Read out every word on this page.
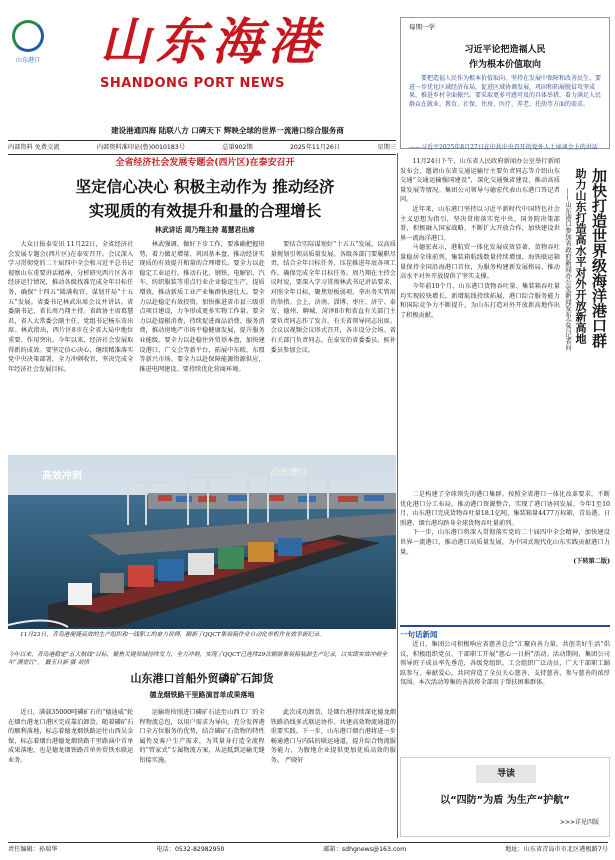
山东港口 山东海港
SHANDONG PORT NEWS
建设港通四海 陆联八方 口碑天下 辉映全球的世界一流港口综合服务商
内部资料 免费交流	内部资料准印证(鲁)0010183号	总第902期	2025年11月26日	星期三
每期一学
习近平论把造福人民
作为根本价值取向
要把造福人民作为根本价值取向，坚持在发展中保障和改善民生。要进一步优化区域经济布局，促进区域协调发展，巩固和拓展脱贫攻坚成果，推进乡村全面振兴。要采取更多可感可及的具体举措，着力满足人民群众在就业、教育、社保、住房、医疗、养老、托幼等方面的需求。
——习近平2025年8月27日在中共中央召开的党外人士座谈会上的讲话
全省经济社会发展专题会(西片区)在泰安召开
坚定信心决心 积极主动作为 推动经济
实现质的有效提升和量的合理增长
林武讲话 周乃翔主持 葛慧君出席
大众日报泰安讯 11月22日，全省经济社会发展专题会(西片区)在泰安召开。会议深入学习贯彻党的二十届四中全会和习近平总书记视察山东重要讲话精神，分析研究西片区各市经济运行情况，推动各级找准完成全年目标任务，确保“十四五”圆满收官，谋划开局“十五五”发展。省委书记林武出席会议并讲话。省委副书记、省长周乃翔主持。省政协主席葛慧君，省人大常委会副主任、党组书记杨东奇出席。林武指出，西片区8市在全省大局中地位重要、作用突出。今年以来，经济社会发展取得新的成效。要坚定信心决心，继续精准落实党中央决策部署，全力冲刺收官，坚决完成全年经济社会发展目标。
林武强调，做好下步工作，要准确把握形势，着力做足增量、巩固基本盘，推动经济实现质的有效提升和量的合理增长。要全力以赴稳定工业运行，推动石化、钢铁、电解铝、汽车、纺织服装等重点行业企业稳定生产，提质增效，推动新质工业产业集群快速壮大。要全力以赴稳定有效投资，加快推进省市县三级重点项目建设，力争形成更多实物工作量。要全力以赴提振消费，持续促进商品消费、服务消费，推动房地产市场平稳健康发展，提升服务业能级。要全力以赴稳住外贸基本盘，加快建设港口、广交会等新平台，拓展中东欧、东盟等新兴市场。要全力以赴保障能源资源供应，推进电网建设。要持续优化营商环境。
要结合实际谋划好“十五五”发展，以高质量规划引领高质量发展。各级各部门要履职尽责，结合全年目标任务，压茬推进年底各项工作，确保完成全年目标任务。周乃翔在主持会议时说，要深入学习贯彻林武书记讲话要求，对照全年目标，聚焦短板弱项，拿出务实管用的举措。会上，济南、淄博、枣庄、济宁、泰安、德州、聊城、菏泽8市和省直有关部门主要负责同志作了发言。有关省领导同志出席。会议以视频会议形式召开，各市设分会场。省有关部门负责同志，在泰安的省委委员、候补委员参加会议。
高效冲刺	山东港口
11月23日，青岛港便捷高效的生产组织和一线职工的奋力拼搏，刷新了QQCT集装箱作业自动化单机作业效率新纪录。
今年以来，青岛港稳定“五大航线”目标，聚焦关键领域持续发力，全力冲刺，实现了QQCT已连续29次刷新集装箱装卸生产纪录，以实绩实效冲刺全年“满堂红”。 戴玉日新 摄 刘悟
山东港口首船外贸磷矿石卸货
德龙烟铁路干里路演首单成果落地
近日，满载35000吨磷矿石的“德迪威”轮在烟台港龙口港区完成靠泊卸货。随着磷矿石的顺利落地，标志着德龙烟铁路运往山西吴金保，标志着烟台港德龙烟铁路干里路演中首单成果落地，也是德龙烟铁路首单外贸铁水联运业务。
运输将按照进口磷矿石运至山西工厂的全程物流总包，以用户需求为导向，充分发挥港口全方位服务的优势，结合磷矿石货物的特性属性及客户生产需求，为其量身打造全流程的“管家式”专属物流方案，从运抵到运输无缝衔接实施。
此次成功卸货，是烟台港持续深化德龙烟铁路沿线多式联运协作、共建高效物流通道的重要实践。下一步，山东港口烟台港将进一步畅通港口与内陆的联运通道，提升综合物流服务能力，为腹地企业提供更加优质高效的服务。 严晓轩

11月24日下午，山东省人民政府新闻办公室举行新闻发布会，邀请山东省交通运输厅主要负责同志等介绍山东交通“交通运输强国建设”，深化交通强省建设，推动高质量发展等情况。集团公司领导与德宏代表山东港口答记者问。

近年来，山东港口坚持以习近平新时代中国特色社会主义思想为指引，坚决贯彻落实党中央、国务院决策部署，积极融入国家战略，不断扩大开放合作，加快建设世界一流海洋港口。

马德宏表示，港航贸一体化发展成效显著，货物吞吐量稳居全球前列，集装箱航线数量持续增加，海铁联运箱量保持全国沿海港口首位，为服务构建新发展格局、推动高水平对外开放提供了坚实支撑。

今年前10个月，山东港口货物吞吐量、集装箱吞吐量均实现较快增长，新增航线持续拓展，港口综合服务能力和国际竞争力不断提升，为山东打造对外开放新高地作出了积极贡献。	加快打造世界级海洋港口群
助力山东打造高水平对外开放新高地
——山东港口参加省政府新闻办公室新闻发布会答记者问

二是构建了全球领先的港口集群。按照全省港口一体化改革要求，不断优化港口分工布局，推动港口资源整合，实现了港口协同发展。今年1至10月，山东港口完成货物吞吐量18.1亿吨，集装箱量4477万标箱，青岛港、日照港、烟台港均跻身全球货物吞吐量前列。

下一步，山东港口将深入贯彻落实党的二十届四中全会精神，加快建设世界一流港口，推动港口高质量发展，为中国式现代化山东实践贡献港口力量。

(下转第二版)
一句话新闻
近日，集团公司积极响应省慈善总会“汇聚向善力量，共创美好生活”倡议，积极组织党员、干部职工开展“慈心一日捐”活动。活动期间，集团公司领导班子成员率先垂范，各级党组织、工会组织广泛动员，广大干部职工踊跃参与，奉献爱心，共同营造了全员关心慈善、支持慈善、参与慈善的浓厚氛围。本次活动筹集的善款将全部用于帮扶困难群体。
导读
以“四防”为盾 为生产“护航”
>>>详见四版
责任编辑：孙瑞华	电话：0532-82982950	邮箱：sdhgnews@163.com	地址：山东省青岛市市北区港极路7号
